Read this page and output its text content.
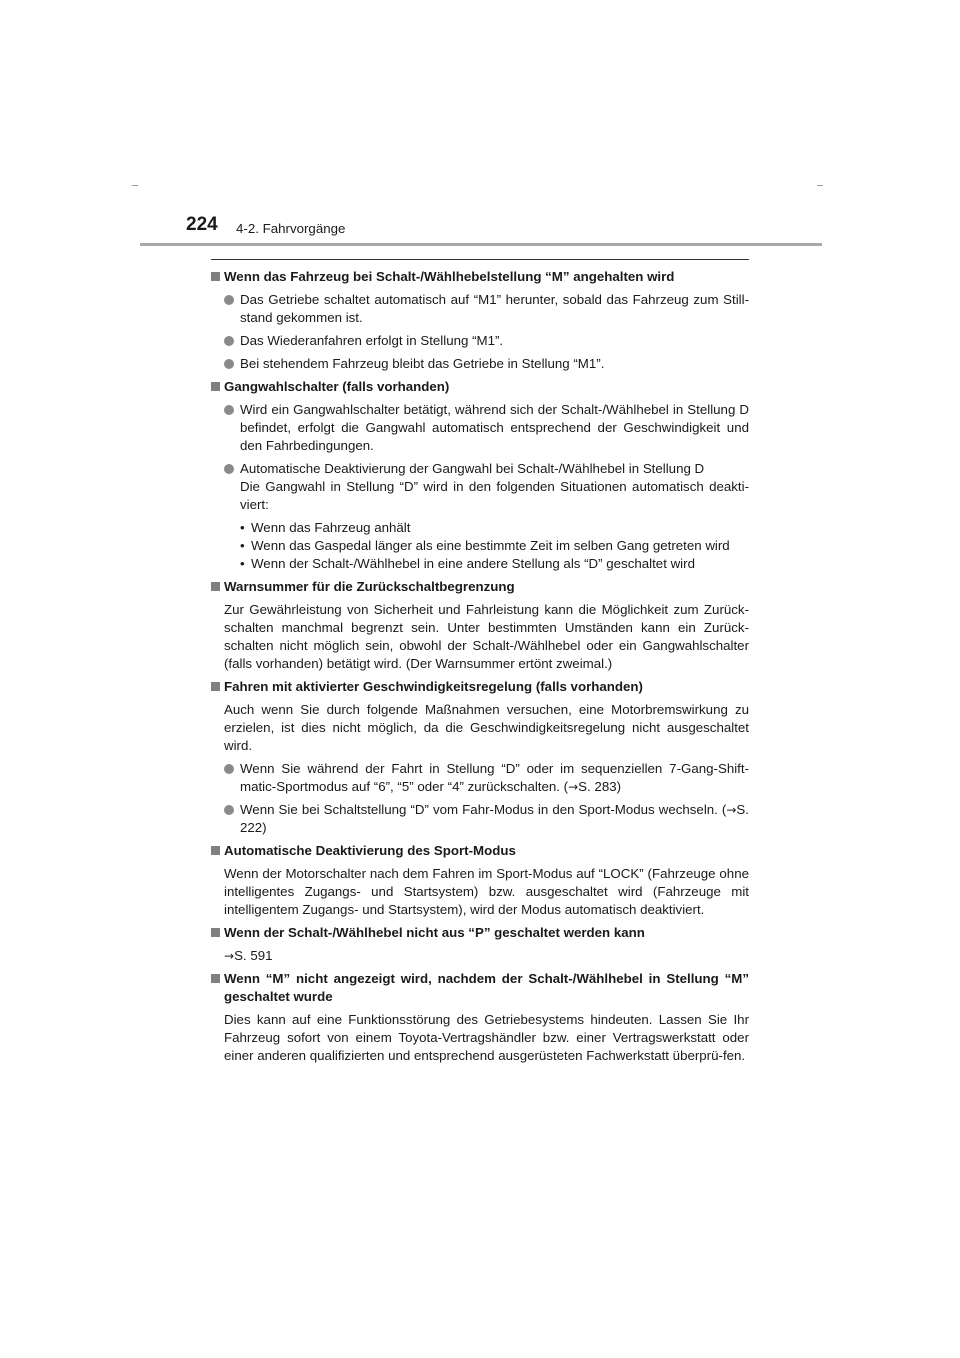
224 4-2. Fahrvorgänge
Wenn das Fahrzeug bei Schalt-/Wählhebelstellung “M” angehalten wird
Das Getriebe schaltet automatisch auf “M1” herunter, sobald das Fahrzeug zum Still-stand gekommen ist.
Das Wiederanfahren erfolgt in Stellung “M1”.
Bei stehendem Fahrzeug bleibt das Getriebe in Stellung “M1”.
Gangwahlschalter (falls vorhanden)
Wird ein Gangwahlschalter betätigt, während sich der Schalt-/Wählhebel in Stellung D befindet, erfolgt die Gangwahl automatisch entsprechend der Geschwindigkeit und den Fahrbedingungen.
Automatische Deaktivierung der Gangwahl bei Schalt-/Wählhebel in Stellung D
Die Gangwahl in Stellung “D” wird in den folgenden Situationen automatisch deakti-viert:
• Wenn das Fahrzeug anhält
• Wenn das Gaspedal länger als eine bestimmte Zeit im selben Gang getreten wird
• Wenn der Schalt-/Wählhebel in eine andere Stellung als “D” geschaltet wird
Warnsummer für die Zurückschaltbegrenzung
Zur Gewährleistung von Sicherheit und Fahrleistung kann die Möglichkeit zum Zurück-schalten manchmal begrenzt sein. Unter bestimmten Umständen kann ein Zurück-schalten nicht möglich sein, obwohl der Schalt-/Wählhebel oder ein Gangwahlschalter (falls vorhanden) betätigt wird. (Der Warnsummer ertönt zweimal.)
Fahren mit aktivierter Geschwindigkeitsregelung (falls vorhanden)
Auch wenn Sie durch folgende Maßnahmen versuchen, eine Motorbremswirkung zu erzielen, ist dies nicht möglich, da die Geschwindigkeitsregelung nicht ausgeschaltet wird.
Wenn Sie während der Fahrt in Stellung “D” oder im sequenziellen 7-Gang-Shift-matic-Sportmodus auf “6”, “5” oder “4” zurückschalten. (→S. 283)
Wenn Sie bei Schaltstellung “D” vom Fahr-Modus in den Sport-Modus wechseln. (→S. 222)
Automatische Deaktivierung des Sport-Modus
Wenn der Motorschalter nach dem Fahren im Sport-Modus auf “LOCK” (Fahrzeuge ohne intelligentes Zugangs- und Startsystem) bzw. ausgeschaltet wird (Fahrzeuge mit intelligentem Zugangs- und Startsystem), wird der Modus automatisch deaktiviert.
Wenn der Schalt-/Wählhebel nicht aus “P” geschaltet werden kann
→S. 591
Wenn “M” nicht angezeigt wird, nachdem der Schalt-/Wählhebel in Stellung “M” geschaltet wurde
Dies kann auf eine Funktionsstörung des Getriebesystems hindeuten. Lassen Sie Ihr Fahrzeug sofort von einem Toyota-Vertragshändler bzw. einer Vertragswerkstatt oder einer anderen qualifizierten und entsprechend ausgerüsteten Fachwerkstatt überprü-fen.
